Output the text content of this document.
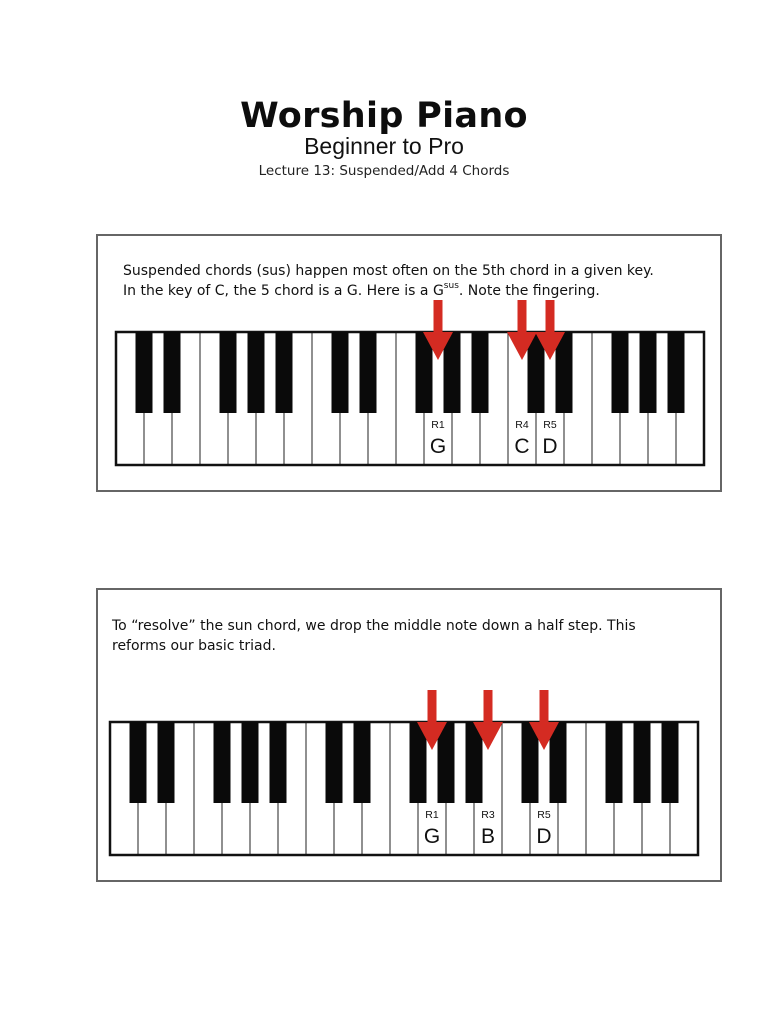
Worship Piano
Beginner to Pro
Lecture 13: Suspended/Add 4 Chords
Suspended chords (sus) happen most often on the 5th chord in a given key.
In the key of C, the 5 chord is a G. Here is a $G^{sus}$. Note the fingering.
R1
G
R4
C
R5
D
To “resolve” the sun chord, we drop the middle note down a half step. This
reforms our basic triad.
R1
G
R3
B
R5
D
